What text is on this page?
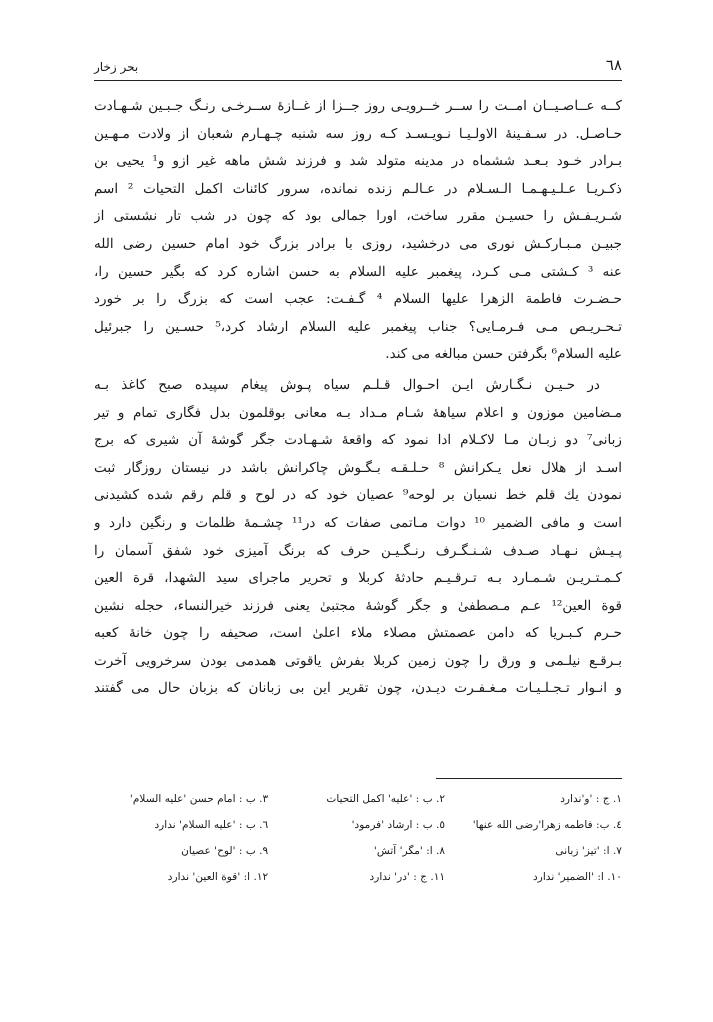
٦٨
بحر زخار
کــه عــاصـیــان امــت را ســر خــرویـی روز جــزا از غــازهٔ ســرخـی رنـگ جـبـین شـهـادت
حـاصـل. در سـفـینهٔ الاولـیـا نـویـسـد کـه روز سه شنبه چـهـارم شعبان از ولادت مـهـین
بـرادر خـود بـعـد ششماه در مدینه متولد شد و فرزند شش ماهه غیر ازو و¹ یحیی بن
ذکـریـا عـلـیـهـمـا الـسـلام در عـالـم زنده نمانده، سرور کائنات اکمل التحیات ² اسم
شـریـفـش را حسیـن مقرر ساخت، اورا جمالی بود که چون در شب تار نشستی از
جبیـن مـبـارکـش نوری می درخشید، روزی با برادر بزرگ خود امام حسین رضی الله
عنه ³ کـشتی مـی کـرد، پیغمبر علیه السلام به حسن اشاره کرد که بگیر حسین را،
حـضـرت فاطمة الزهرا علیها السلام ⁴ گـفـت: عجب است که بزرگ را بر خورد
تـحـریـص مـی فـرمـایی؟ جناب پیغمبر علیه السلام ارشاد کرد،⁵ حسـین را جبرئیل
علیه السلام⁶ بگرفتن حسن مبالغه می کند.
در حـیـن نـگـارش ایـن احـوال قـلـم سیاه پـوش پیغام سپیده صبح کاغذ بـه
مـضامین موزون و اعلام سیاههٔ شـام مـداد بـه معانی بوقلمون بدل فگاری تمام و تیر
زبانی⁷ دو زبـان مـا لاکـلام ادا نمود که واقعهٔ شـهـادت جگر گوشهٔ آن شیری که برج
اسـد از هلال نعل یـکرانش ⁸ حـلـقـه بـگـوش چاکرانش باشد در نیستان روزگار ثبت
نمودن یك قلم خط نسیان بر لوحه⁹ عصیان خود که در لوح و قلم رقم شده کشیدنی
است و مافی الضمیر ¹⁰ دوات مـاتمی صفات که در¹¹ چشـمهٔ ظلمات و رنگین دارد و
پـیـش نـهـاد صـدف شـنـگـرف رنـگـیـن حرف که برنگ آمیزی خود شفق آسمان را
کـمـتـریـن شـمـارد بـه تـرقـیـم حادثهٔ کربلا و تحریر ماجرای سید الشهدا، قرة العین
قوة العین¹² عـم مـصطفیٰ و جگر گوشهٔ مجتبیٰ یعنی فرزند خیرالنساء، حجله نشین
حـرم کـبـریا که دامن عصمتش مصلاء ملاء اعلیٰ است، صحیفه را چون خانهٔ کعبه
بـرقـع نیلـمی و ورق را چون زمین کربلا بفرش یاقوتی همدمی بودن سرخرویی آخرت
و انـوار تـجـلـیـات مـغـفـرت دیـدن، چون تقریر این بی زبانان که بزبان حال می گفتند
١. ج : 'و'ندارد
٢. ب : 'علیه' اکمل التحیات
٣. ب : امام حسن 'علیه السلام'
٤. ب: فاطمه زهرا'رضی الله عنها'
٥. ب : ارشاد 'فرمود'
٦. ب : 'علیه السلام' ندارد
٧. ا: 'تیز' زبانی
٨. ا: 'مگر' آتش'
٩. ب : 'لوح' عصیان
١٠. ا: 'الضمیر' ندارد
١١. ج : 'در' ندارد
١٢. ا: 'قوة العین' ندارد
